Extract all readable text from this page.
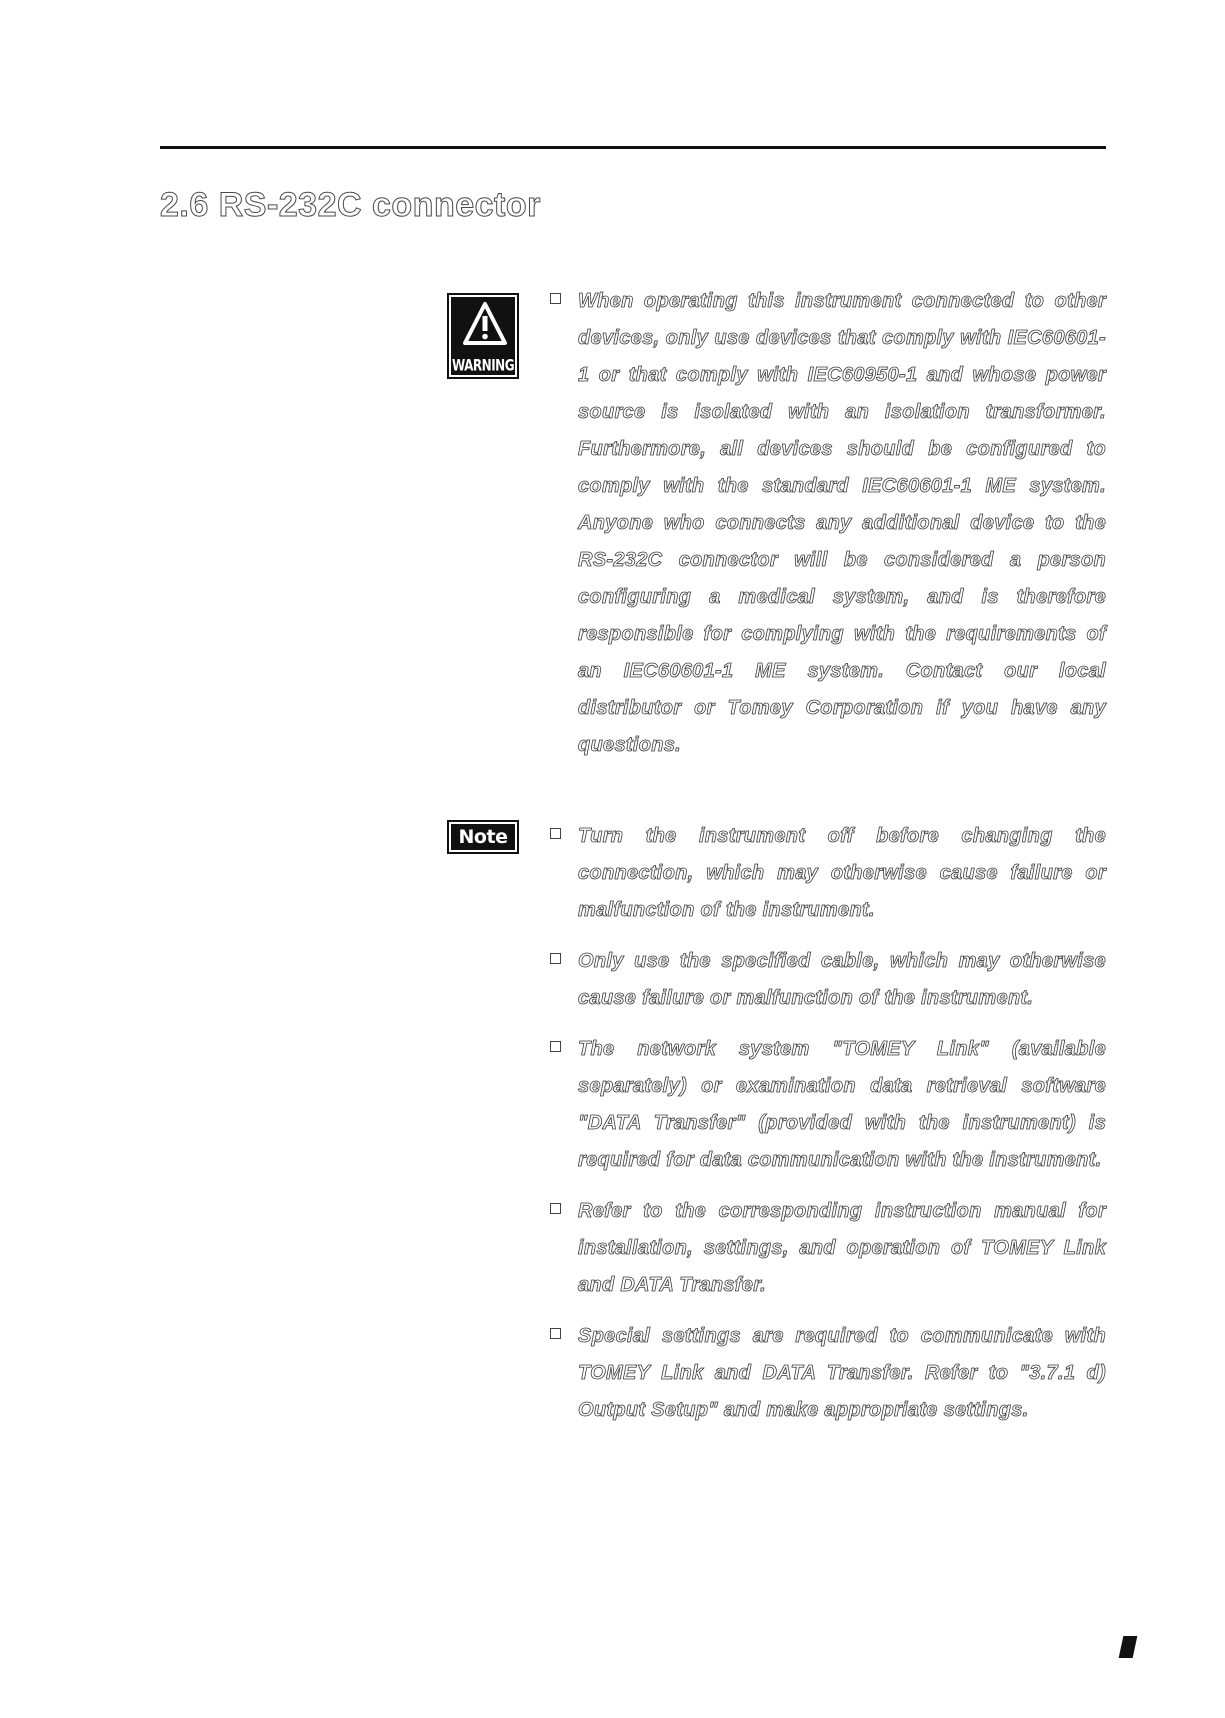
2.6 RS-232C connector
WARNING

When operating this instrument connected to other devices, only use devices that comply with IEC60601-1 or that comply with IEC60950-1 and whose power source is isolated with an isolation transformer. Furthermore, all devices should be configured to comply with the standard IEC60601-1 ME system. Anyone who connects any additional device to the RS-232C connector will be considered a person configuring a medical system, and is therefore responsible for complying with the requirements of an IEC60601-1 ME system. Contact our local distributor or Tomey Corporation if you have any questions.

Note	Turn the instrument off before changing the connection, which may otherwise cause failure or malfunction of the instrument.

Only use the specified cable, which may otherwise cause failure or malfunction of the instrument.

The network system "TOMEY Link" (available separately) or examination data retrieval software "DATA Transfer" (provided with the instrument) is required for data communication with the instrument.

Refer to the corresponding instruction manual for installation, settings, and operation of TOMEY Link and DATA Transfer.

Special settings are required to communicate with TOMEY Link and DATA Transfer. Refer to "3.7.1 d) Output Setup" and make appropriate settings.
